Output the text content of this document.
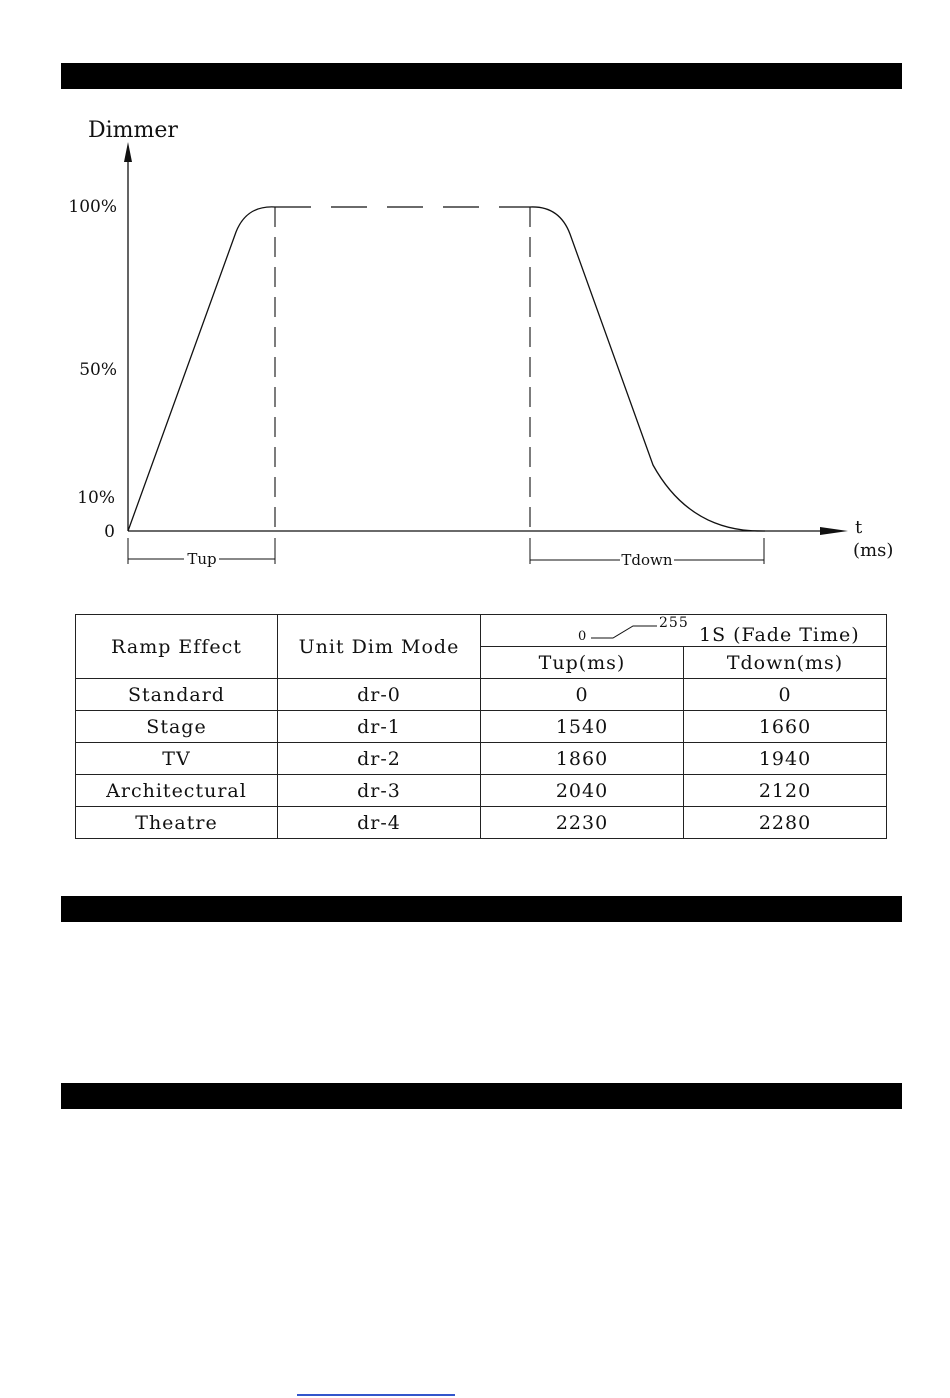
Dimmer
100%
50%
10%
0	t
(ms)
Tup	Tdown
Ramp Effect	Unit Dim Mode	0
255
1S (Fade Time)	

		Tup(ms)	Tdown(ms)
Standard	dr-0	0	0
Stage	dr-1	1540	1660
TV	dr-2	1860	1940
Architectural	dr-3	2040	2120
Theatre	dr-4	2230	2280
